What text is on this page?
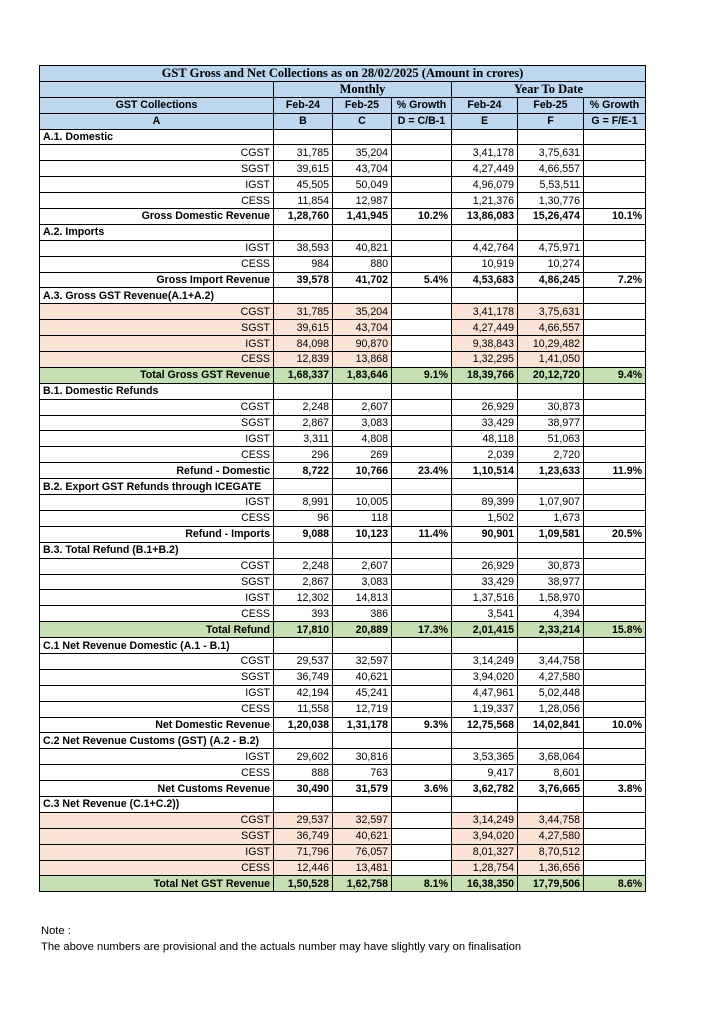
GST Gross and Net Collections as on 28/02/2025 (Amount in crores)						
	Monthly			Year To Date		
GST Collections	Feb-24	Feb-25	% Growth	Feb-24	Feb-25	% Growth
A	B	C	D = C/B-1	E	F	G = F/E-1
A.1. Domestic						
CGST	31,785	35,204		3,41,178	3,75,631	
SGST	39,615	43,704		4,27,449	4,66,557	
IGST	45,505	50,049		4,96,079	5,53,511	
CESS	11,854	12,987		1,21,376	1,30,776	
Gross Domestic Revenue	1,28,760	1,41,945	10.2%	13,86,083	15,26,474	10.1%
A.2. Imports						
IGST	38,593	40,821		4,42,764	4,75,971	
CESS	984	880		10,919	10,274	
Gross Import Revenue	39,578	41,702	5.4%	4,53,683	4,86,245	7.2%
A.3. Gross GST Revenue(A.1+A.2)						
CGST	31,785	35,204		3,41,178	3,75,631	
SGST	39,615	43,704		4,27,449	4,66,557	
IGST	84,098	90,870		9,38,843	10,29,482	
CESS	12,839	13,868		1,32,295	1,41,050	
Total Gross GST Revenue	1,68,337	1,83,646	9.1%	18,39,766	20,12,720	9.4%
B.1. Domestic Refunds						
CGST	2,248	2,607		26,929	30,873	
SGST	2,867	3,083		33,429	38,977	
IGST	3,311	4,808		48,118	51,063	
CESS	296	269		2,039	2,720	
Refund - Domestic	8,722	10,766	23.4%	1,10,514	1,23,633	11.9%
B.2. Export GST Refunds through ICEGATE						
IGST	8,991	10,005		89,399	1,07,907	
CESS	96	118		1,502	1,673	
Refund - Imports	9,088	10,123	11.4%	90,901	1,09,581	20.5%
B.3. Total Refund (B.1+B.2)						
CGST	2,248	2,607		26,929	30,873	
SGST	2,867	3,083		33,429	38,977	
IGST	12,302	14,813		1,37,516	1,58,970	
CESS	393	386		3,541	4,394	
Total Refund	17,810	20,889	17.3%	2,01,415	2,33,214	15.8%
C.1 Net Revenue Domestic (A.1 - B.1)						
CGST	29,537	32,597		3,14,249	3,44,758	
SGST	36,749	40,621		3,94,020	4,27,580	
IGST	42,194	45,241		4,47,961	5,02,448	
CESS	11,558	12,719		1,19,337	1,28,056	
Net Domestic Revenue	1,20,038	1,31,178	9.3%	12,75,568	14,02,841	10.0%
C.2 Net Revenue Customs (GST) (A.2 - B.2)						
IGST	29,602	30,816		3,53,365	3,68,064	
CESS	888	763		9,417	8,601	
Net Customs Revenue	30,490	31,579	3.6%	3,62,782	3,76,665	3.8%
C.3 Net Revenue (C.1+C.2))						
CGST	29,537	32,597		3,14,249	3,44,758	
SGST	36,749	40,621		3,94,020	4,27,580	
IGST	71,796	76,057		8,01,327	8,70,512	
CESS	12,446	13,481		1,28,754	1,36,656	
Total Net GST Revenue	1,50,528	1,62,758	8.1%	16,38,350	17,79,506	8.6%
Note :
The above numbers are provisional and the actuals number may have slightly vary on finalisation
